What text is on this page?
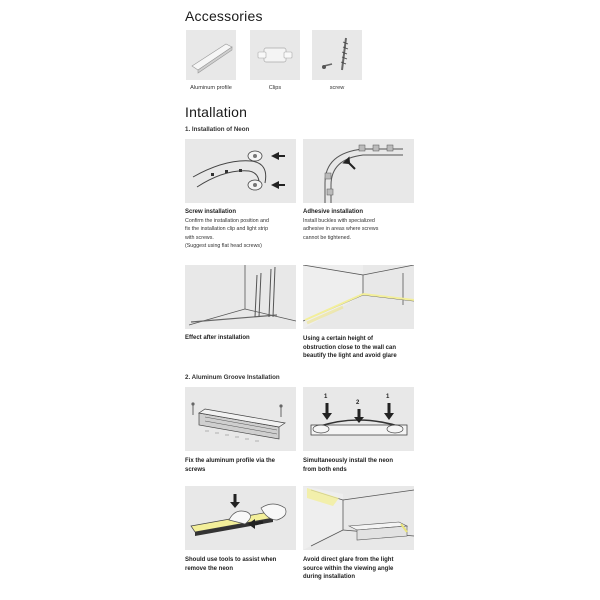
Accessories
Aluminum profile	Clips	screw
Intallation
1. Installation of Neon
Screw installation
Confirm the installation position and
fix the installation clip and light strip
with screws.
(Suggest using flat head screws)
Adhesive installation
Install buckles with specialized
adhesive in areas where screws
cannot be tightened.
Effect after installation	Using a certain height of
obstruction close to the wall can
beautify the light and avoid glare
2. Aluminum Groove Installation
1
2
1
Fix the aluminum profile via the
screws
Simultaneously install the neon
from both ends
Should use tools to assist when
remove the neon
Avoid direct glare from the light
source within the viewing angle
during installation
